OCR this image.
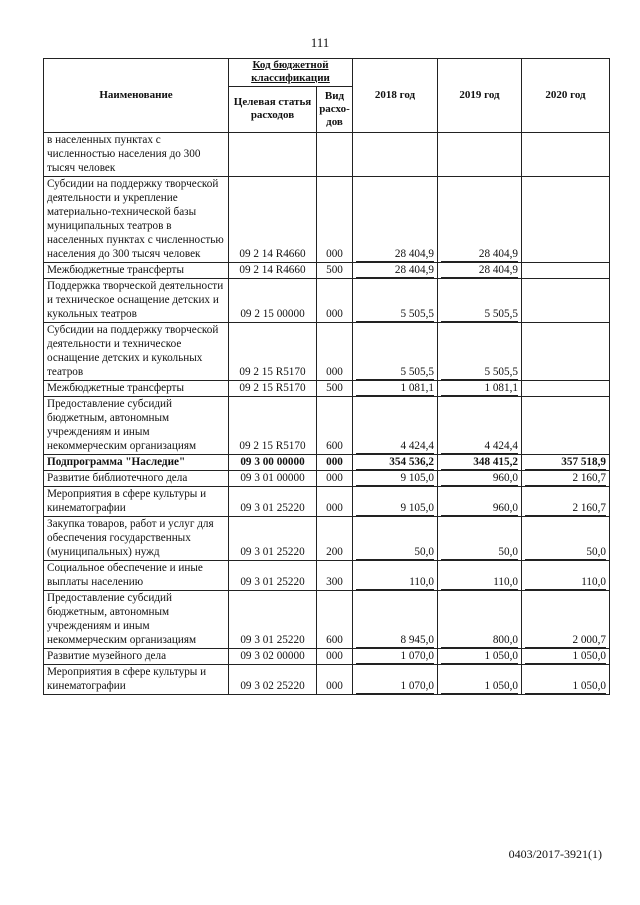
111
Наименование	Код бюджетной классификации		2018 год	2019 год	2020 год
	Целевая статья расходов	Вид расхо-дов			
в населенных пунктах с численностью населения до 300 тысяч человек			

Субсидии на поддержку творческой деятельности и укрепление материально-технической базы муниципальных театров в населенных пунктах с численностью населения до 300 тысяч человек	09 2 14 R4660	000	28 404,9	28 404,9	

Межбюджетные трансферты	09 2 14 R4660	500	28 404,9	28 404,9	

Поддержка творческой деятельности и техническое оснащение детских и кукольных театров	09 2 15 00000	000	5 505,5	5 505,5	

Субсидии на поддержку творческой деятельности и техническое оснащение детских и кукольных театров	09 2 15 R5170	000	5 505,5	5 505,5	

Межбюджетные трансферты	09 2 15 R5170	500	1 081,1	1 081,1	

Предоставление субсидий бюджетным, автономным учреждениям и иным некоммерческим организациям	09 2 15 R5170	600	4 424,4	4 424,4	

Подпрограмма "Наследие"	09 3 00 00000	000	354 536,2	348 415,2	357 518,9

Развитие библиотечного дела	09 3 01 00000	000	9 105,0	960,0	2 160,7

Мероприятия в сфере культуры и кинематографии	09 3 01 25220	000	9 105,0	960,0	2 160,7

Закупка товаров, работ и услуг для обеспечения государственных (муниципальных) нужд	09 3 01 25220	200	50,0	50,0	50,0

Социальное обеспечение и иные выплаты населению	09 3 01 25220	300	110,0	110,0	110,0

Предоставление субсидий бюджетным, автономным учреждениям и иным некоммерческим организациям	09 3 01 25220	600	8 945,0	800,0	2 000,7

Развитие музейного дела	09 3 02 00000	000	1 070,0	1 050,0	1 050,0

Мероприятия в сфере культуры и кинематографии	09 3 02 25220	000	1 070,0	1 050,0	1 050,0
0403/2017-3921(1)
